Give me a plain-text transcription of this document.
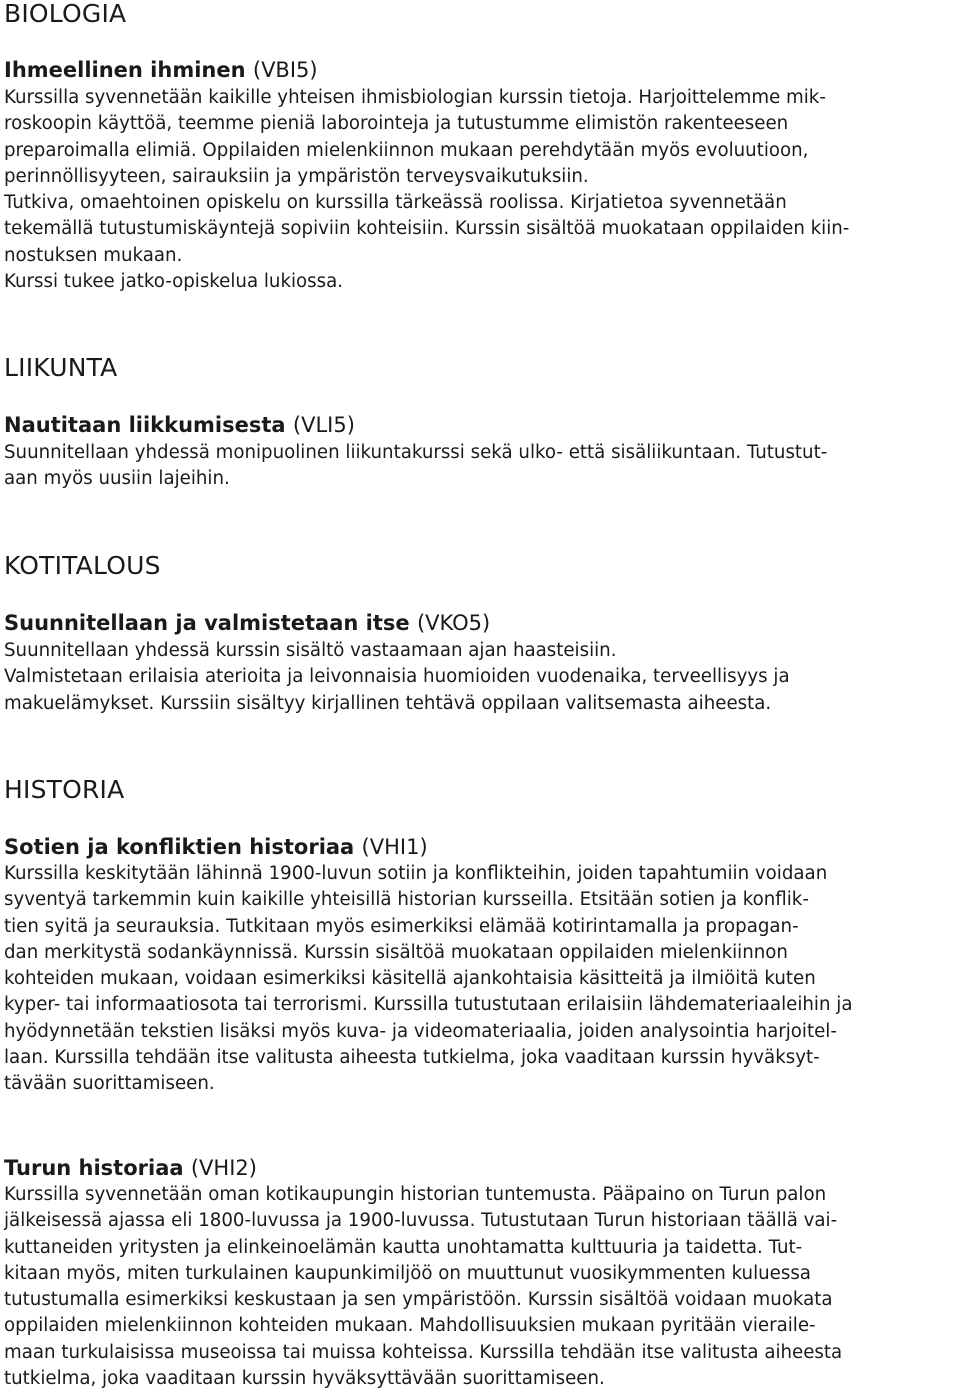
BIOLOGIA
Ihmeellinen ihminen (VBI5)

Kurssilla syvennetään kaikille yhteisen ihmisbiologian kurssin tietoja. Harjoittelemme mik-

roskoopin käyttöä, teemme pieniä laborointeja ja tutustumme elimistön rakenteeseen

preparoimalla elimiä. Oppilaiden mielenkiinnon mukaan perehdytään myös evoluutioon,

perinnöllisyyteen, sairauksiin ja ympäristön terveysvaikutuksiin.

Tutkiva, omaehtoinen opiskelu on kurssilla tärkeässä roolissa. Kirjatietoa syvennetään

tekemällä tutustumiskäyntejä sopiviin kohteisiin. Kurssin sisältöä muokataan oppilaiden kiin-

nostuksen mukaan.

Kurssi tukee jatko-opiskelua lukiossa.

LIIKUNTA
Nautitaan liikkumisesta (VLI5)

Suunnitellaan yhdessä monipuolinen liikuntakurssi sekä ulko- että sisäliikuntaan. Tutustut-

aan myös uusiin lajeihin.

KOTITALOUS
Suunnitellaan ja valmistetaan itse (VKO5)

Suunnitellaan yhdessä kurssin sisältö vastaamaan ajan haasteisiin.

Valmistetaan erilaisia aterioita ja leivonnaisia huomioiden vuodenaika, terveellisyys ja

makuelämykset. Kurssiin sisältyy kirjallinen tehtävä oppilaan valitsemasta aiheesta.

HISTORIA
Sotien ja konfliktien historiaa (VHI1)

Kurssilla keskitytään lähinnä 1900-luvun sotiin ja konflikteihin, joiden tapahtumiin voidaan

syventyä tarkemmin kuin kaikille yhteisillä historian kursseilla. Etsitään sotien ja konflik-

tien syitä ja seurauksia. Tutkitaan myös esimerkiksi elämää kotirintamalla ja propagan-

dan merkitystä sodankäynnissä. Kurssin sisältöä muokataan oppilaiden mielenkiinnon

kohteiden mukaan, voidaan esimerkiksi käsitellä ajankohtaisia käsitteitä ja ilmiöitä kuten

kyper- tai informaatiosota tai terrorismi. Kurssilla tutustutaan erilaisiin lähdemateriaaleihin ja

hyödynnetään tekstien lisäksi myös kuva- ja videomateriaalia, joiden analysointia harjoitel-

laan. Kurssilla tehdään itse valitusta aiheesta tutkielma, joka vaaditaan kurssin hyväksyt-

tävään suorittamiseen.

Turun historiaa (VHI2)

Kurssilla syvennetään oman kotikaupungin historian tuntemusta. Pääpaino on Turun palon

jälkeisessä ajassa eli 1800-luvussa ja 1900-luvussa. Tutustutaan Turun historiaan täällä vai-

kuttaneiden yritysten ja elinkeinoelämän kautta unohtamatta kulttuuria ja taidetta. Tut-

kitaan myös, miten turkulainen kaupunkimiljöö on muuttunut vuosikymmenten kuluessa

tutustumalla esimerkiksi keskustaan ja sen ympäristöön. Kurssin sisältöä voidaan muokata

oppilaiden mielenkiinnon kohteiden mukaan. Mahdollisuuksien mukaan pyritään vieraile-

maan turkulaisissa museoissa tai muissa kohteissa. Kurssilla tehdään itse valitusta aiheesta

tutkielma, joka vaaditaan kurssin hyväksyttävään suorittamiseen.
